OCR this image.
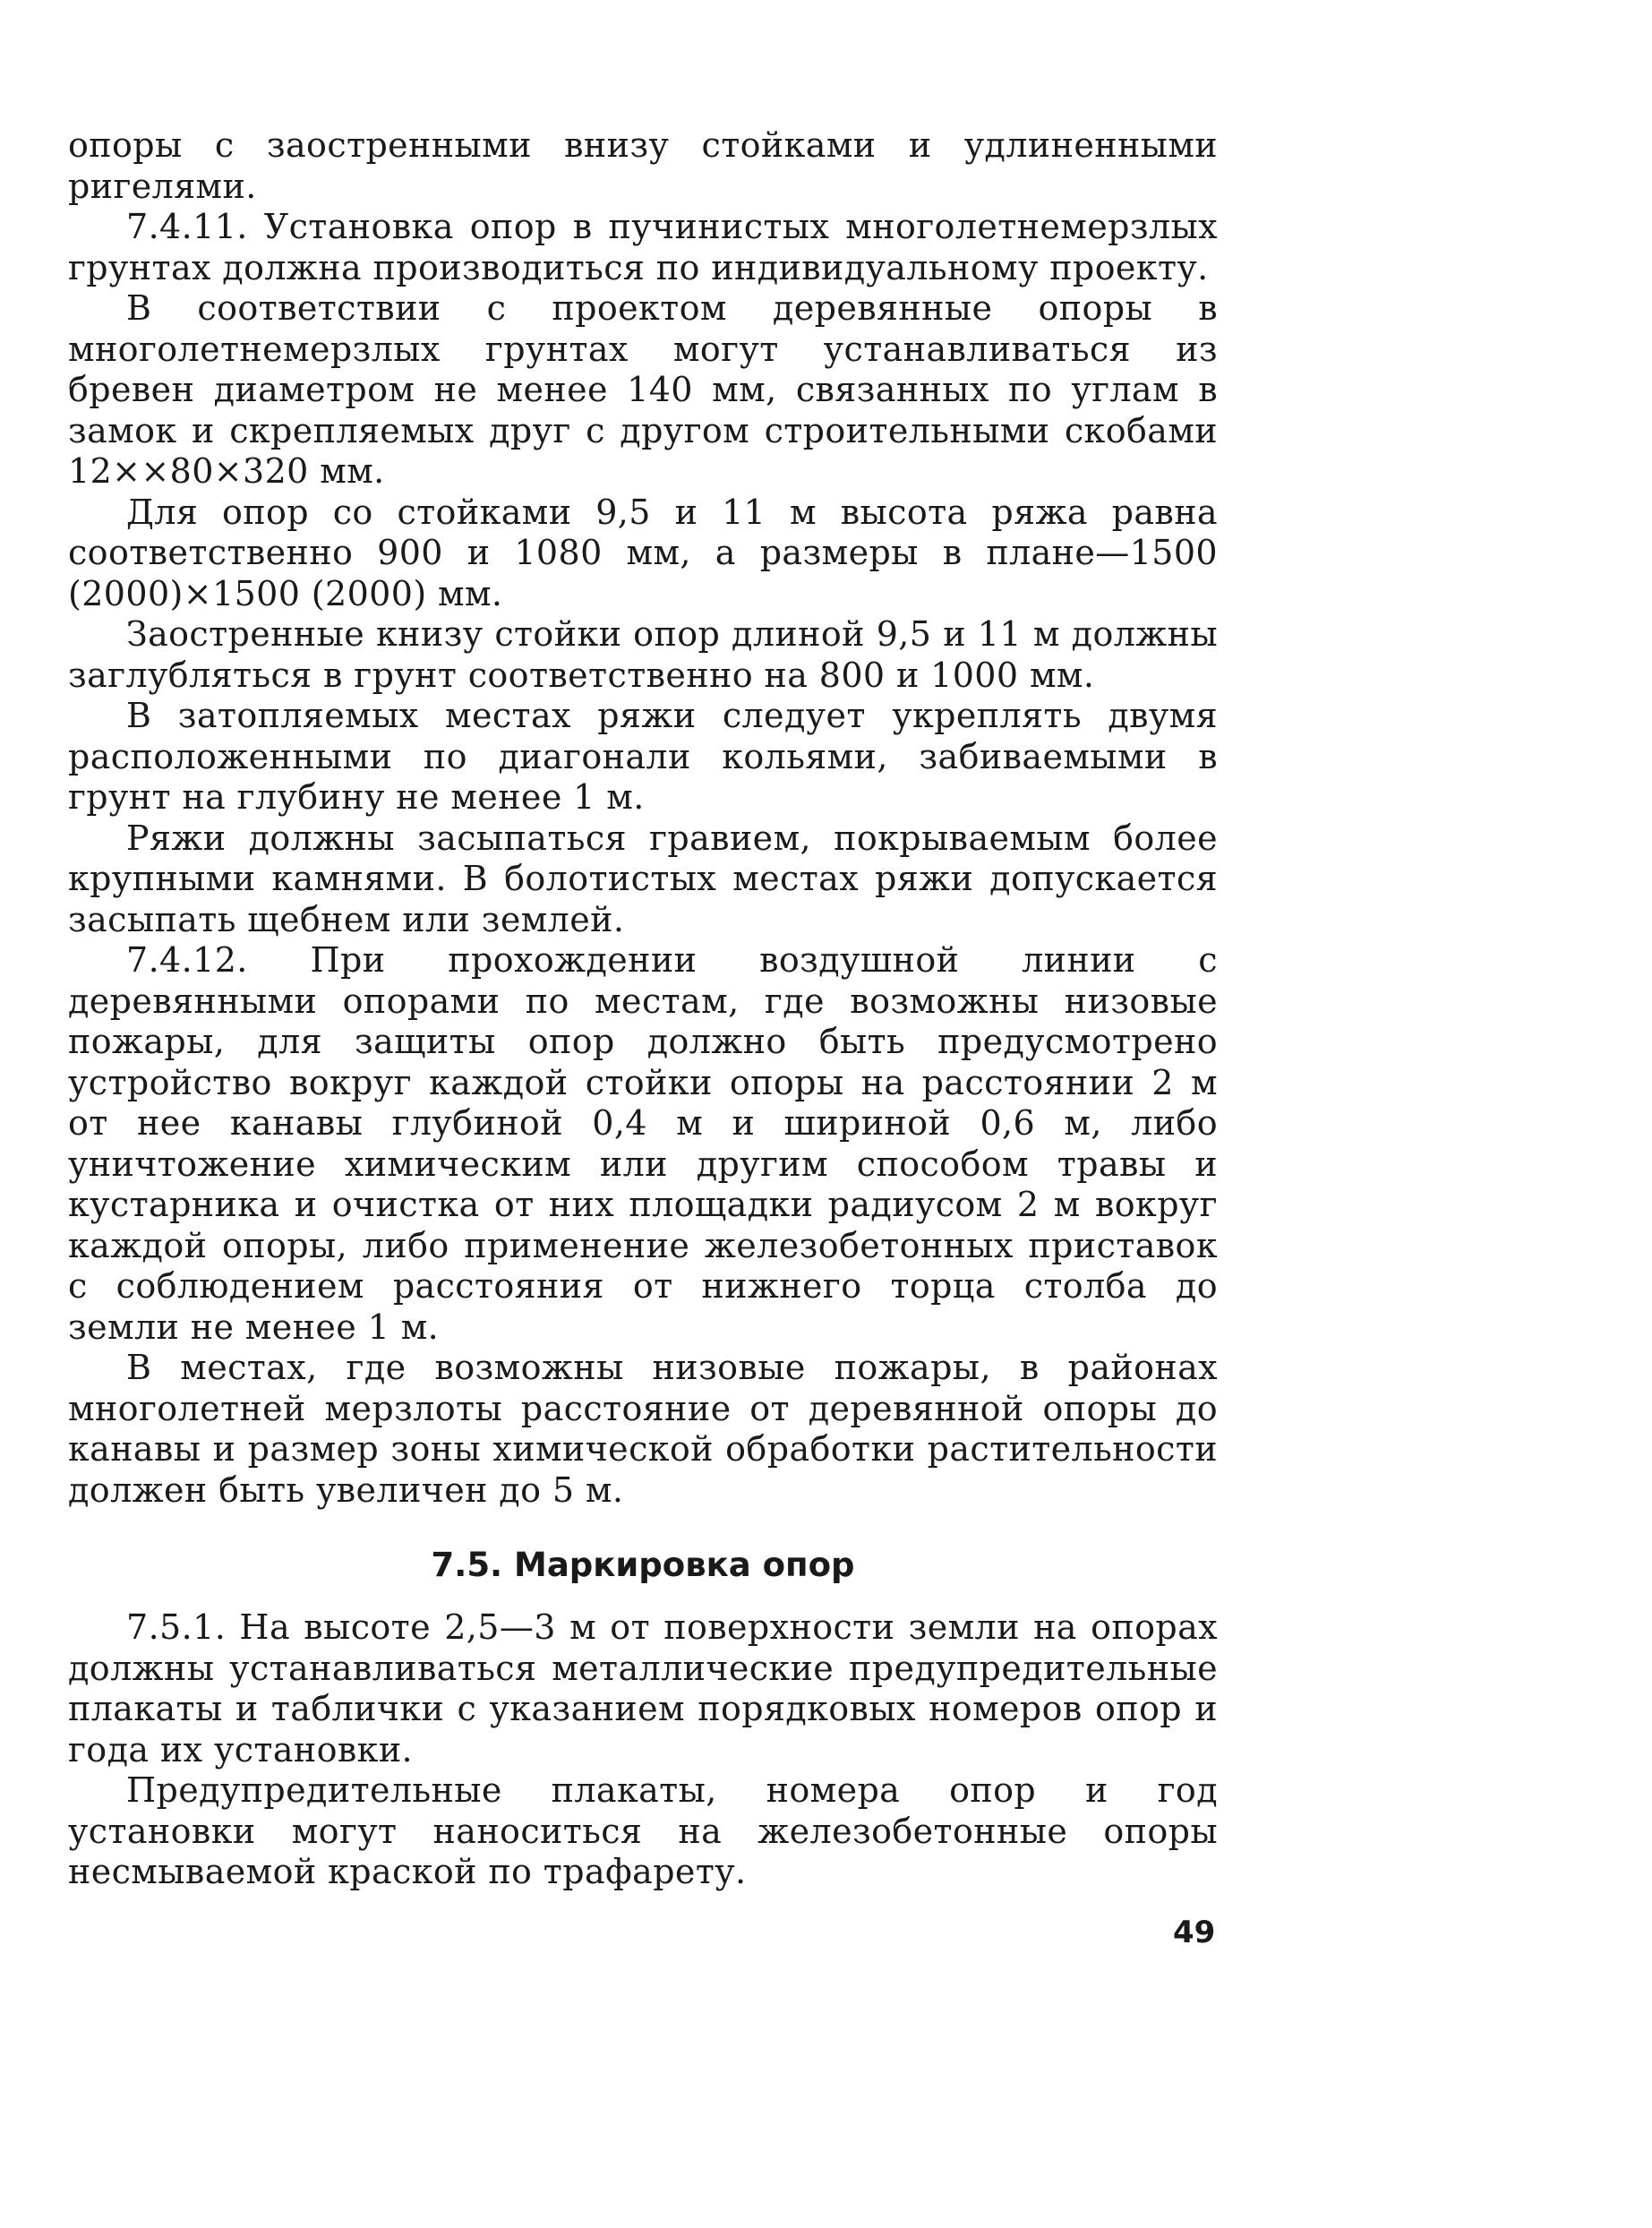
опоры с заостренными внизу стойками и удлиненными ригелями.

7.4.11. Установка опор в пучинистых многолетнемерзлых грунтах должна производиться по индивидуальному проекту.

В соответствии с проектом деревянные опоры в многолетнемерзлых грунтах могут устанавливаться из бревен диаметром не менее 140 мм, связанных по углам в замок и скрепляемых друг с другом строительными скобами 12××80×320 мм.

Для опор со стойками 9,5 и 11 м высота ряжа равна соответственно 900 и 1080 мм, а размеры в плане—1500 (2000)×1500 (2000) мм.

Заостренные книзу стойки опор длиной 9,5 и 11 м должны заглубляться в грунт соответственно на 800 и 1000 мм.

В затопляемых местах ряжи следует укреплять двумя расположенными по диагонали кольями, забиваемыми в грунт на глубину не менее 1 м.

Ряжи должны засыпаться гравием, покрываемым более крупными камнями. В болотистых местах ряжи допускается засыпать щебнем или землей.

7.4.12. При прохождении воздушной линии с деревянными опорами по местам, где возможны низовые пожары, для защиты опор должно быть предусмотрено устройство вокруг каждой стойки опоры на расстоянии 2 м от нее канавы глубиной 0,4 м и шириной 0,6 м, либо уничтожение химическим или другим способом травы и кустарника и очистка от них площадки радиусом 2 м вокруг каждой опоры, либо применение железобетонных приставок с соблюдением расстояния от нижнего торца столба до земли не менее 1 м.

В местах, где возможны низовые пожары, в районах многолетней мерзлоты расстояние от деревянной опоры до канавы и размер зоны химической обработки растительности должен быть увеличен до 5 м.

7.5. Маркировка опор

7.5.1. На высоте 2,5—3 м от поверхности земли на опорах должны устанавливаться металлические предупредительные плакаты и таблички с указанием порядковых номеров опор и года их установки.

Предупредительные плакаты, номера опор и год установки могут наноситься на железобетонные опоры несмываемой краской по трафарету.

49
